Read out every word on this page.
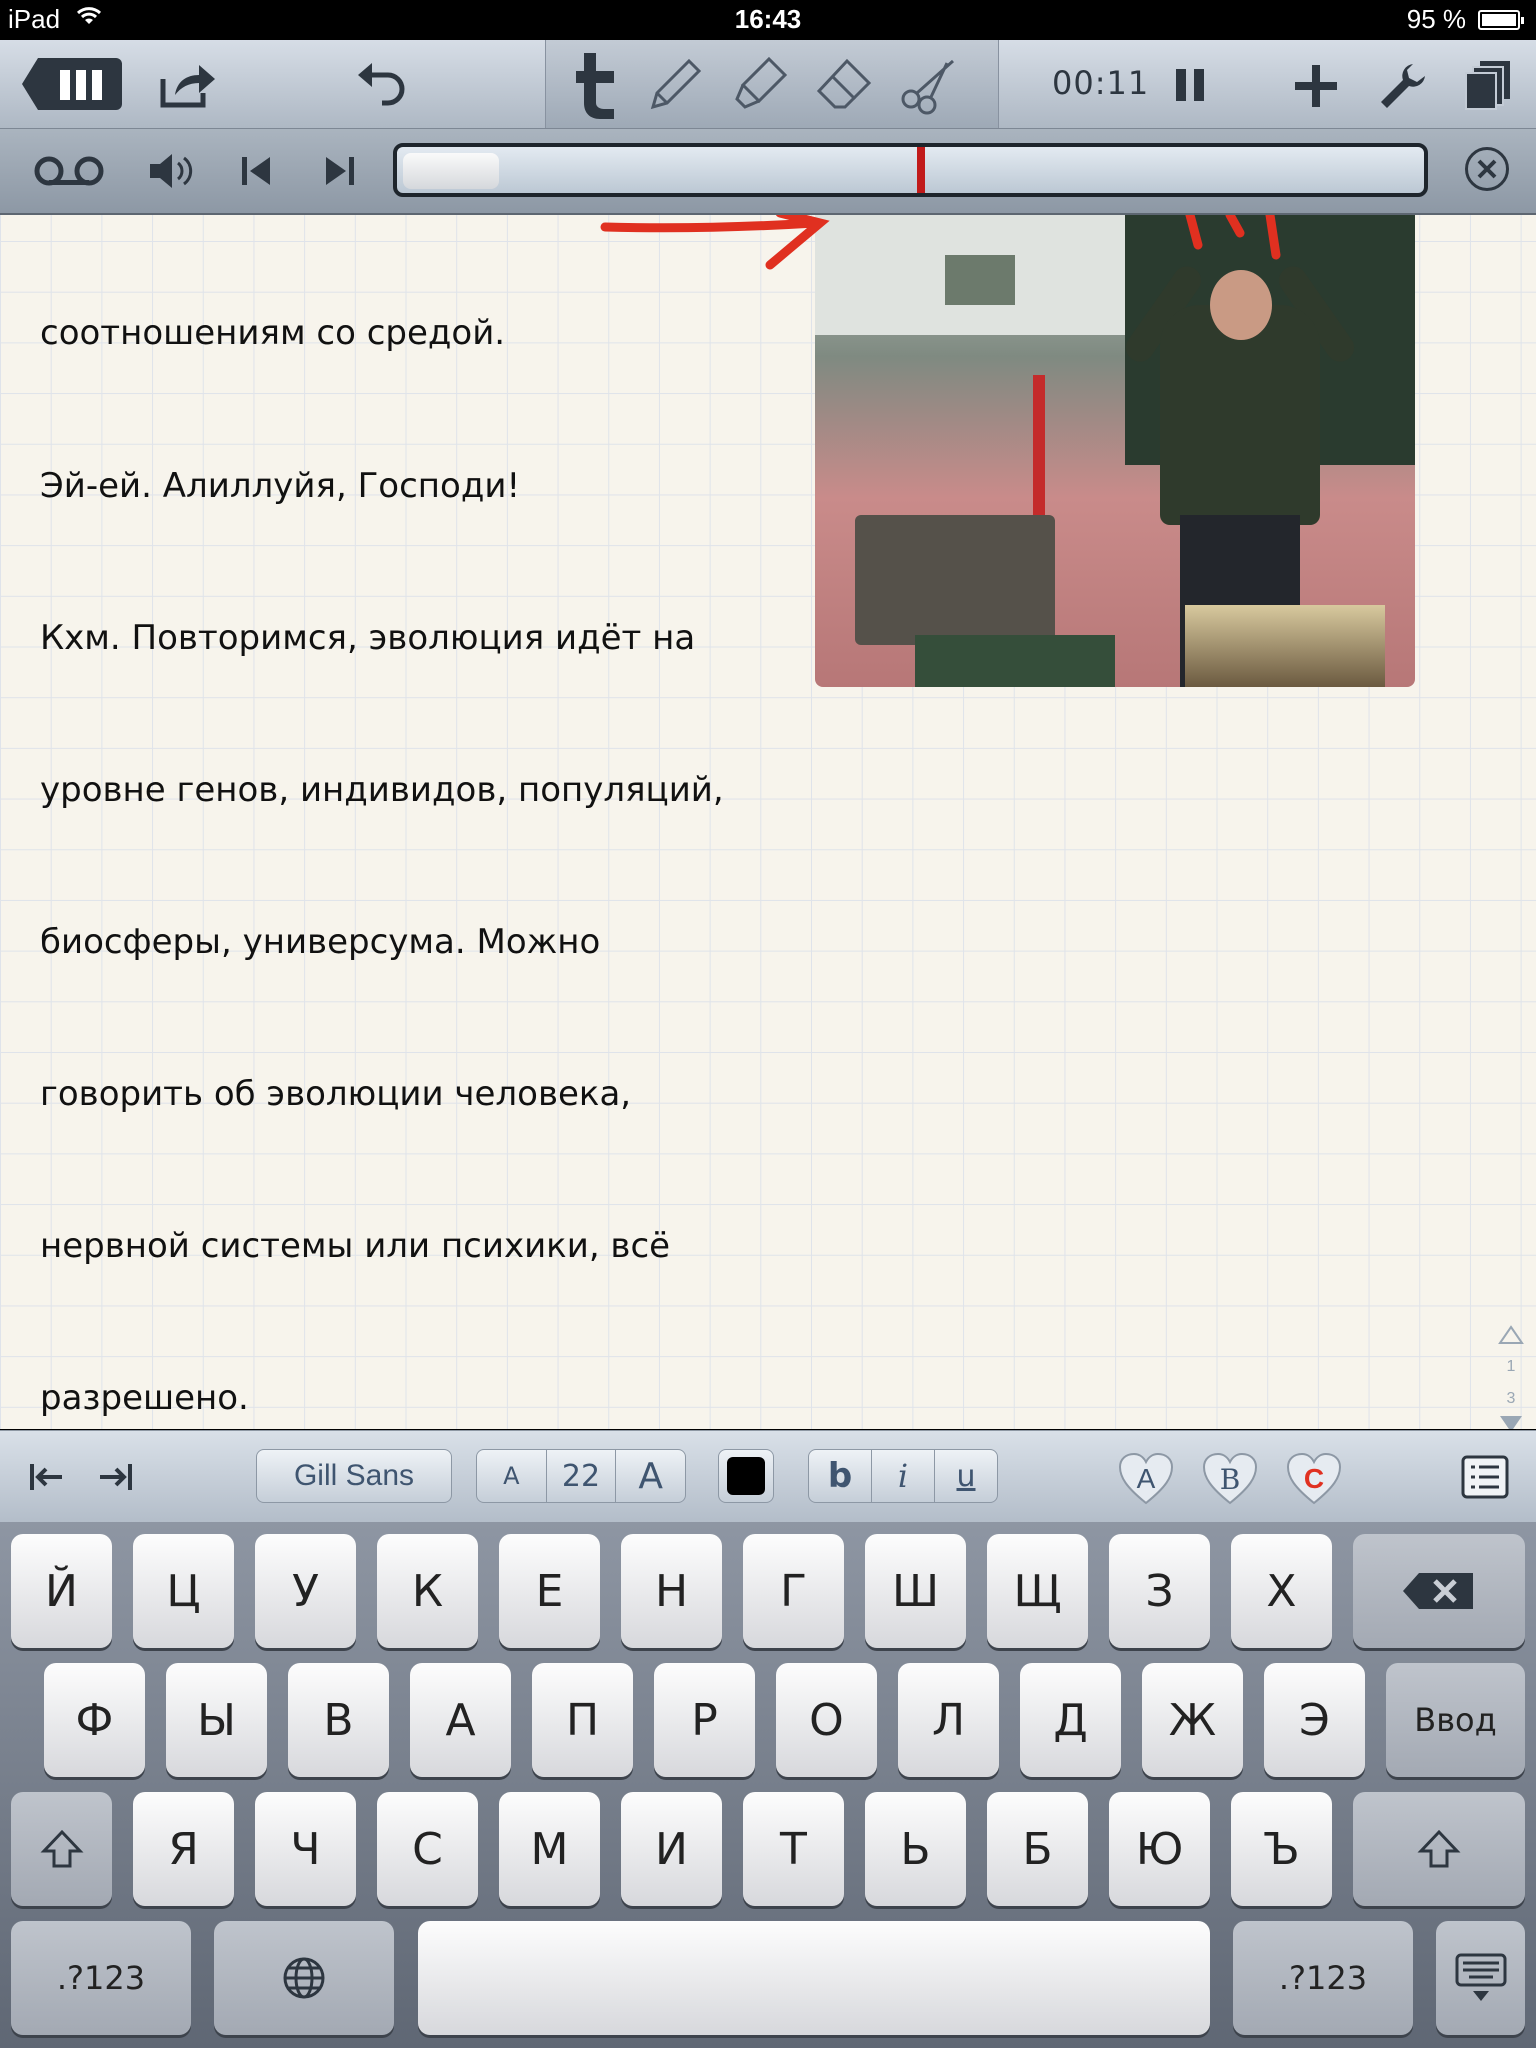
iPad	16:43	95 %
00:11

соотношениям со средой.

Эй-ей. Алиллуйя, Господи!

Кхм. Повторимся, эволюция идёт на

уровне генов, индивидов, популяций,

биосферы, универсума. Можно

говорить об эволюции человека,

нервной системы или психики, всё

разрешено.

1
3
Gill Sans	A	22	A	b	i	u	A B C
Й	Ц	У	К	Е	Н	Г	Ш	Щ	З	Х
Ф	Ы	В	А	П	Р	О	Л	Д	Ж	Э	Ввод
Я	Ч	С	М	И	Т	Ь	Б	Ю	Ъ
.?123	.?123
